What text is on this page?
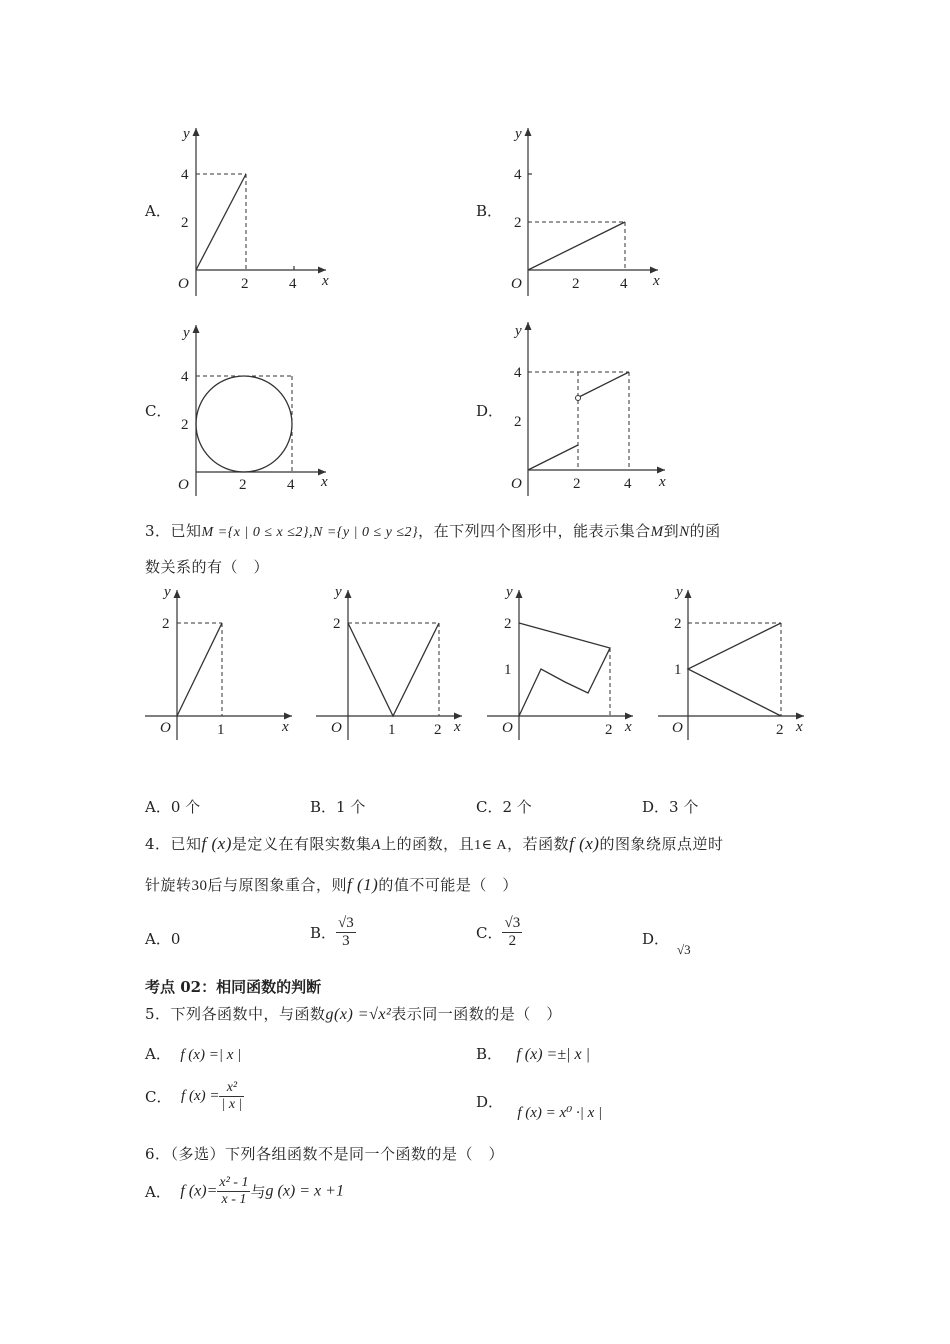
A．
y
4
2
O	2	4 x
B．
y
4
2
O	2	4 x
C．
y
4
2
O	2	4 x
D．
y
4
2
O	2	4 x
3．已知M ={x | 0 ≤ x ≤2},N ={y | 0 ≤ y ≤2}，在下列四个图形中，能表示集合M到N的函
数关系的有（　）
y
2
O	1	x
y
2
O	1	2 x
y
2
1
O	2 x
y
2
1
O	2 x
A．0 个	B．1 个	C．2 个	D．3 个
4．已知f (x)是定义在有限实数集A上的函数，且1∈ A，若函数f (x)的图象绕原点逆时
针旋转30后与原图象重合，则f (1)的值不可能是（　）
A．0	B． $\frac{√3}{3}$	C． $\frac{√3}{2}$	D．√3
考点 02：相同函数的判断
5．下列各函数中，与函数g(x) =√x²表示同一函数的是（　）
A． f (x) =| x |	B． f (x) =±| x |
C． f $(x) = \frac{\text{x²}}{| x |}$	D．   f (x) = x⁰ ·| x |
6．（多选）下列各组函数不是同一个函数的是（　）
A． f $(x)= \frac{\text{x² - 1}}{x - 1}$ 与g (x) = x +1
